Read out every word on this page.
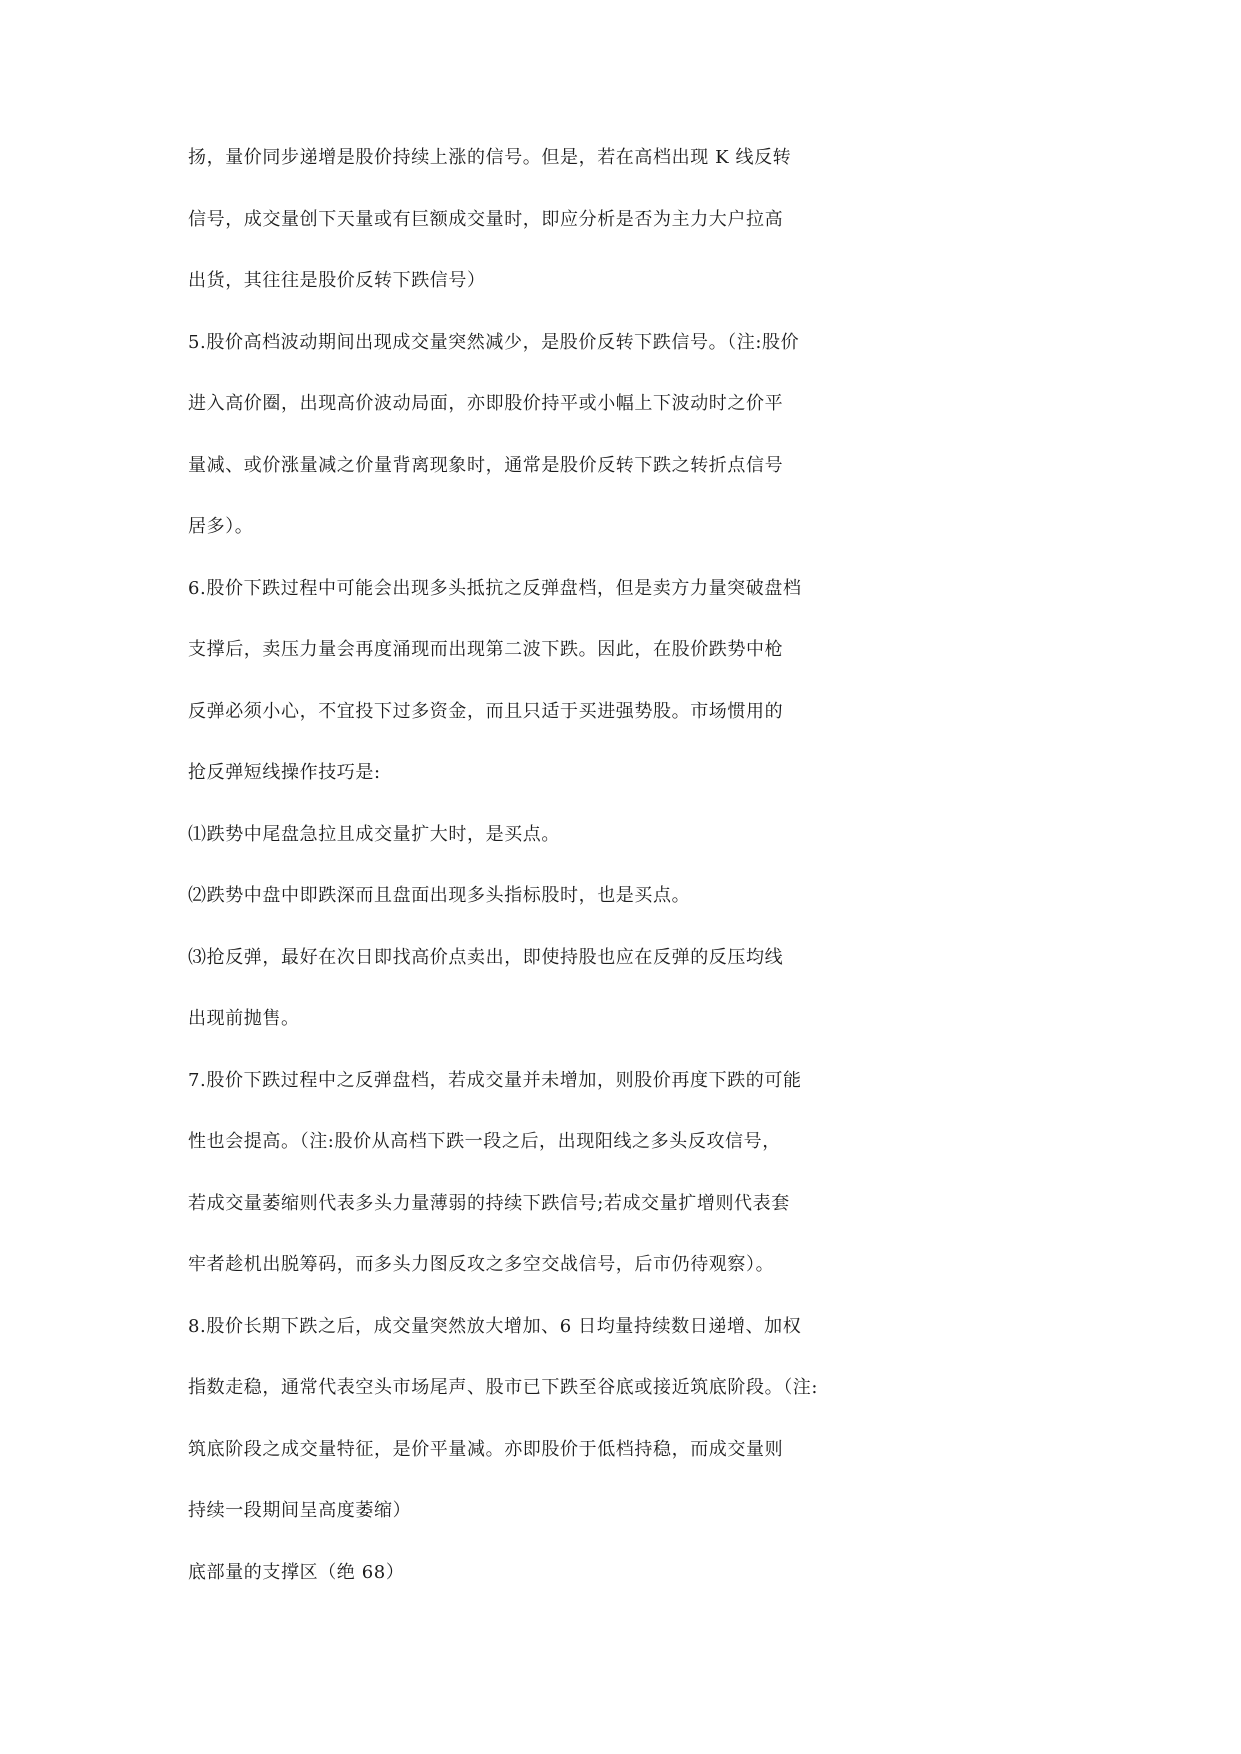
扬，量价同步递增是股价持续上涨的信号。但是，若在高档出现 K 线反转
信号，成交量创下天量或有巨额成交量时，即应分析是否为主力大户拉高
出货，其往往是股价反转下跌信号）
5.股价高档波动期间出现成交量突然减少，是股价反转下跌信号。（注:股价
进入高价圈，出现高价波动局面，亦即股价持平或小幅上下波动时之价平
量减、或价涨量减之价量背离现象时，通常是股价反转下跌之转折点信号
居多）。
6.股价下跌过程中可能会出现多头抵抗之反弹盘档，但是卖方力量突破盘档
支撑后，卖压力量会再度涌现而出现第二波下跌。因此，在股价跌势中枪
反弹必须小心，不宜投下过多资金，而且只适于买进强势股。市场惯用的
抢反弹短线操作技巧是:
⑴跌势中尾盘急拉且成交量扩大时，是买点。
⑵跌势中盘中即跌深而且盘面出现多头指标股时，也是买点。
⑶抢反弹，最好在次日即找高价点卖出，即使持股也应在反弹的反压均线
出现前抛售。
7.股价下跌过程中之反弹盘档，若成交量并未增加，则股价再度下跌的可能
性也会提高。（注:股价从高档下跌一段之后，出现阳线之多头反攻信号，
若成交量萎缩则代表多头力量薄弱的持续下跌信号;若成交量扩增则代表套
牢者趁机出脱筹码，而多头力图反攻之多空交战信号，后市仍待观察）。
8.股价长期下跌之后，成交量突然放大增加、6 日均量持续数日递增、加权
指数走稳，通常代表空头市场尾声、股市已下跌至谷底或接近筑底阶段。（注:
筑底阶段之成交量特征，是价平量减。亦即股价于低档持稳，而成交量则
持续一段期间呈高度萎缩）
底部量的支撑区（绝 68）
